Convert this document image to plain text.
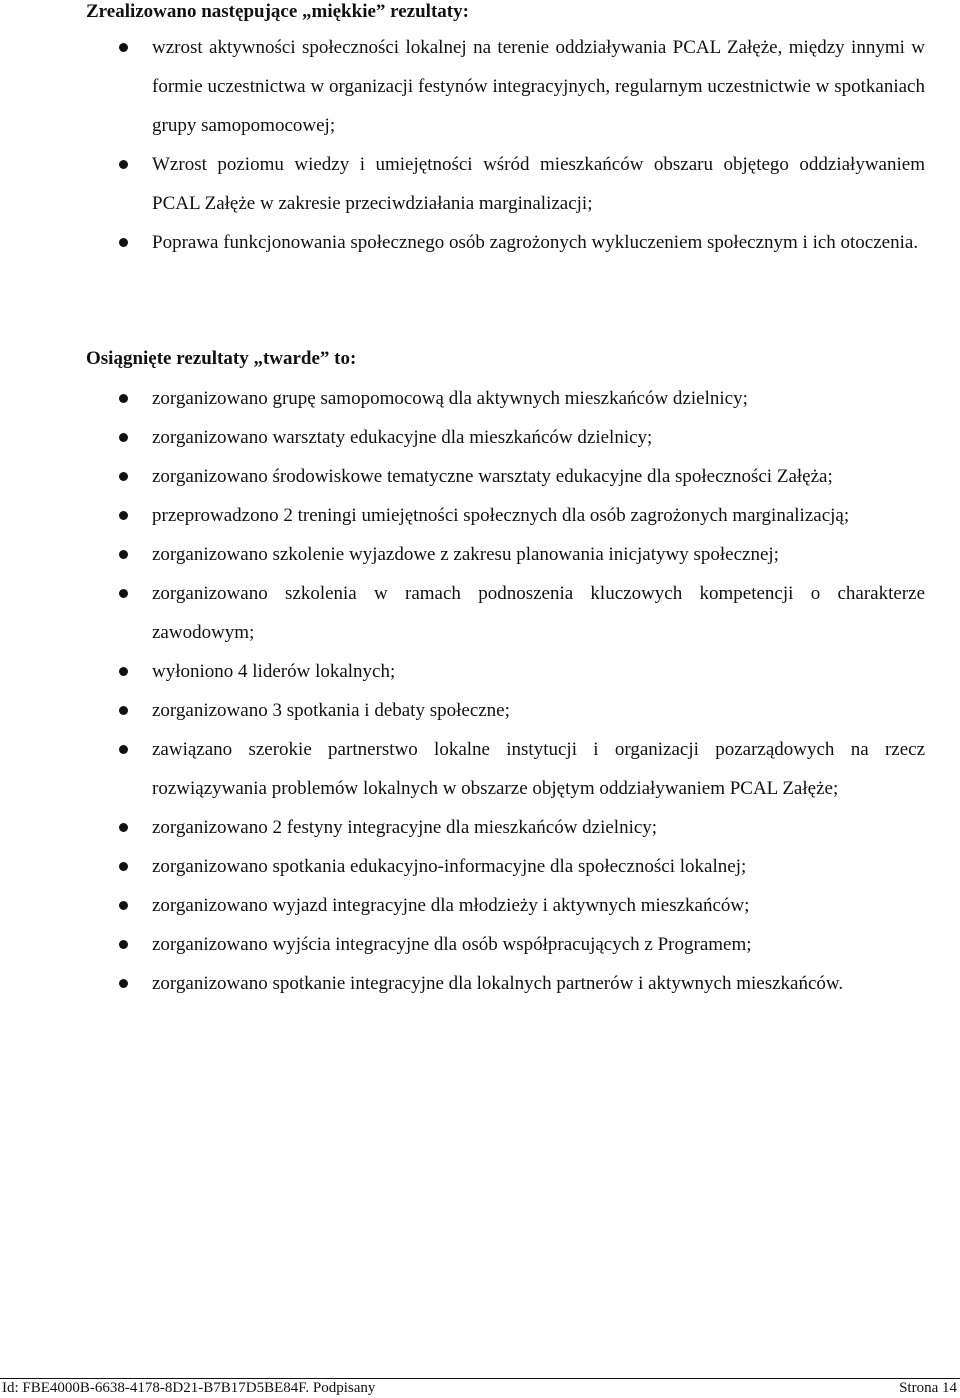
Zrealizowano następujące „miękkie” rezultaty:
wzrost aktywności społeczności lokalnej na terenie oddziaływania PCAL Załęże, między innymi w formie uczestnictwa w organizacji festynów integracyjnych, regularnym uczestnictwie w spotkaniach grupy samopomocowej;
Wzrost poziomu wiedzy i umiejętności wśród mieszkańców obszaru objętego oddziaływaniem PCAL Załęże w zakresie przeciwdziałania marginalizacji;
Poprawa funkcjonowania społecznego osób zagrożonych wykluczeniem społecznym i ich otoczenia.
Osiągnięte rezultaty „twarde” to:
zorganizowano grupę samopomocową dla aktywnych mieszkańców dzielnicy;
zorganizowano warsztaty edukacyjne dla mieszkańców dzielnicy;
zorganizowano środowiskowe tematyczne warsztaty edukacyjne dla społeczności Załęża;
przeprowadzono 2 treningi umiejętności społecznych dla osób zagrożonych marginalizacją;
zorganizowano szkolenie wyjazdowe z zakresu planowania inicjatywy społecznej;
zorganizowano szkolenia w ramach podnoszenia kluczowych kompetencji o charakterze zawodowym;
wyłoniono 4 liderów lokalnych;
zorganizowano 3 spotkania i debaty społeczne;
zawiązano szerokie partnerstwo lokalne instytucji i organizacji pozarządowych na rzecz rozwiązywania problemów lokalnych w obszarze objętym oddziaływaniem PCAL Załęże;
zorganizowano 2 festyny integracyjne dla mieszkańców dzielnicy;
zorganizowano spotkania edukacyjno-informacyjne dla społeczności lokalnej;
zorganizowano wyjazd integracyjne dla młodzieży i aktywnych mieszkańców;
zorganizowano wyjścia integracyjne dla osób współpracujących z Programem;
zorganizowano spotkanie integracyjne dla lokalnych partnerów i aktywnych mieszkańców.
Id: FBE4000B-6638-4178-8D21-B7B17D5BE84F. Podpisany	Strona 14
